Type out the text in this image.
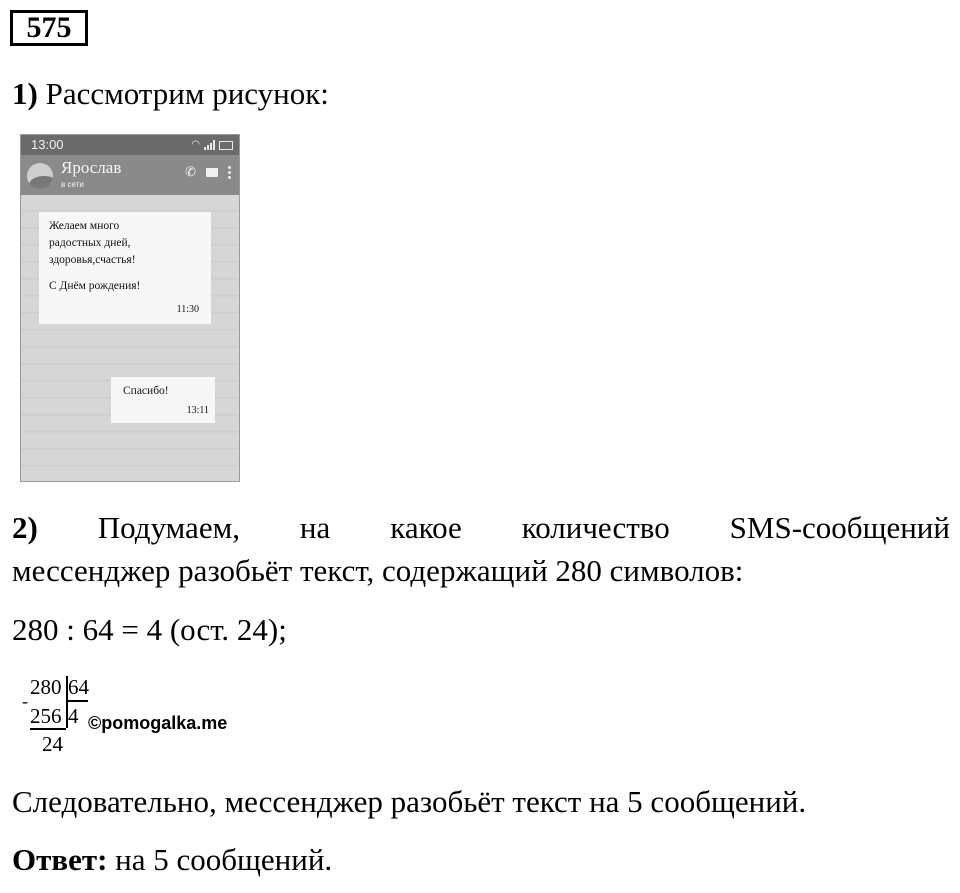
575
1) Рассмотрим рисунок:
13:00	◠
Ярослав
в сети
✆
Желаем много
радостных дней,
здоровья,счастья!
С Днём рождения!
11:30
Спасибо!
13:11
2) Подумаем, на какое количество SMS-сообщений
мессенджер разобьёт текст, содержащий 280 символов:
280 : 64 = 4 (ост. 24);
280 64
-
256 4
24
©pomogalka.me
Следовательно, мессенджер разобьёт текст на 5 сообщений.
Ответ: на 5 сообщений.
